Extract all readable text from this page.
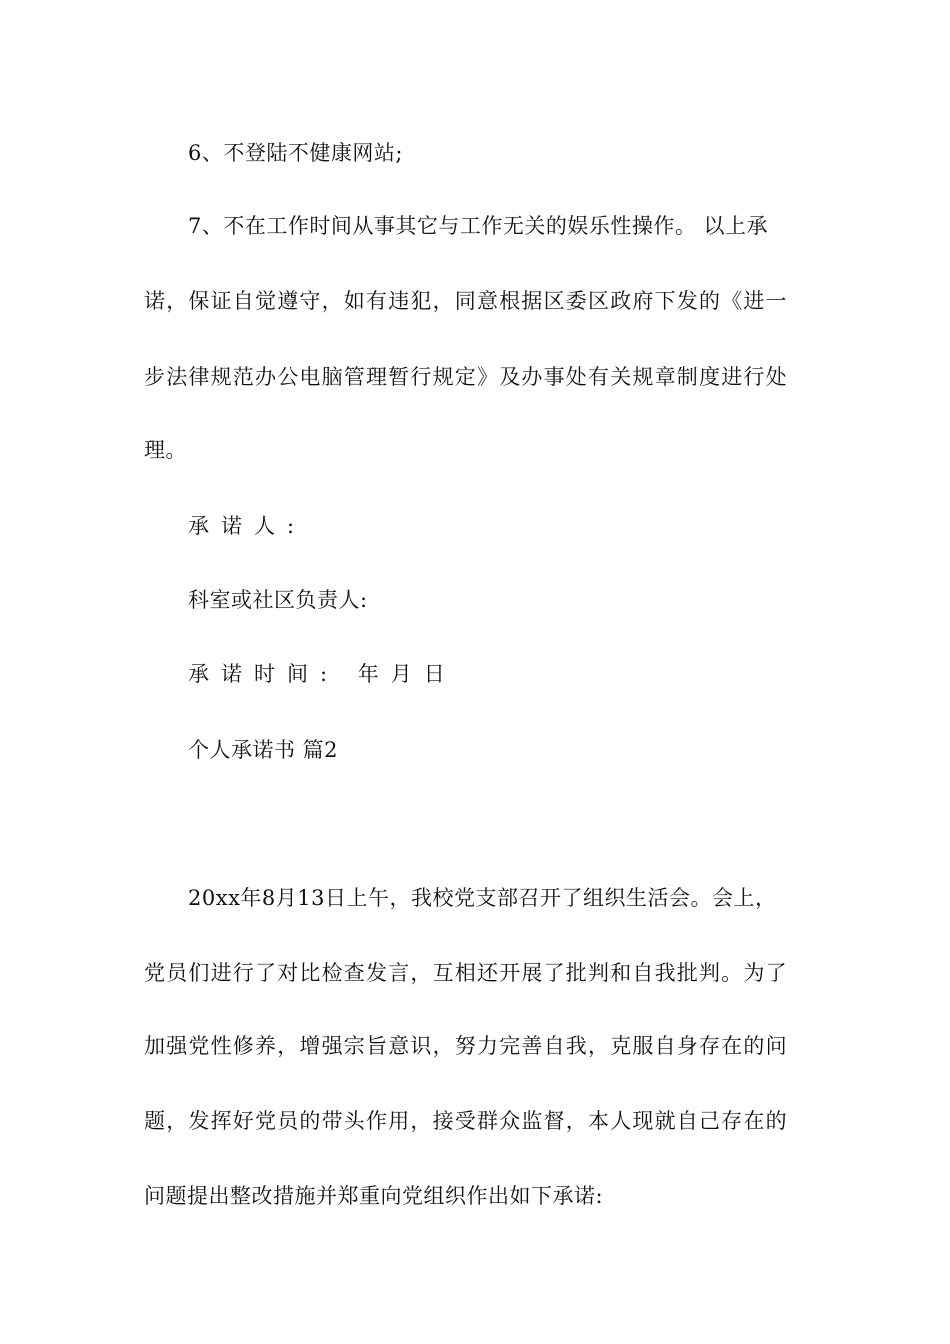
6、不登陆不健康网站;
7、不在工作时间从事其它与工作无关的娱乐性操作。 以上承
诺，保证自觉遵守，如有违犯，同意根据区委区政府下发的《进一
步法律规范办公电脑管理暂行规定》及办事处有关规章制度进行处
理。
承诺人:
科室或社区负责人:
承诺时间: 年月日
个人承诺书 篇2
20xx年8月13日上午，我校党支部召开了组织生活会。会上，
党员们进行了对比检查发言，互相还开展了批判和自我批判。为了
加强党性修养，增强宗旨意识，努力完善自我，克服自身存在的问
题，发挥好党员的带头作用，接受群众监督，本人现就自己存在的
问题提出整改措施并郑重向党组织作出如下承诺:
